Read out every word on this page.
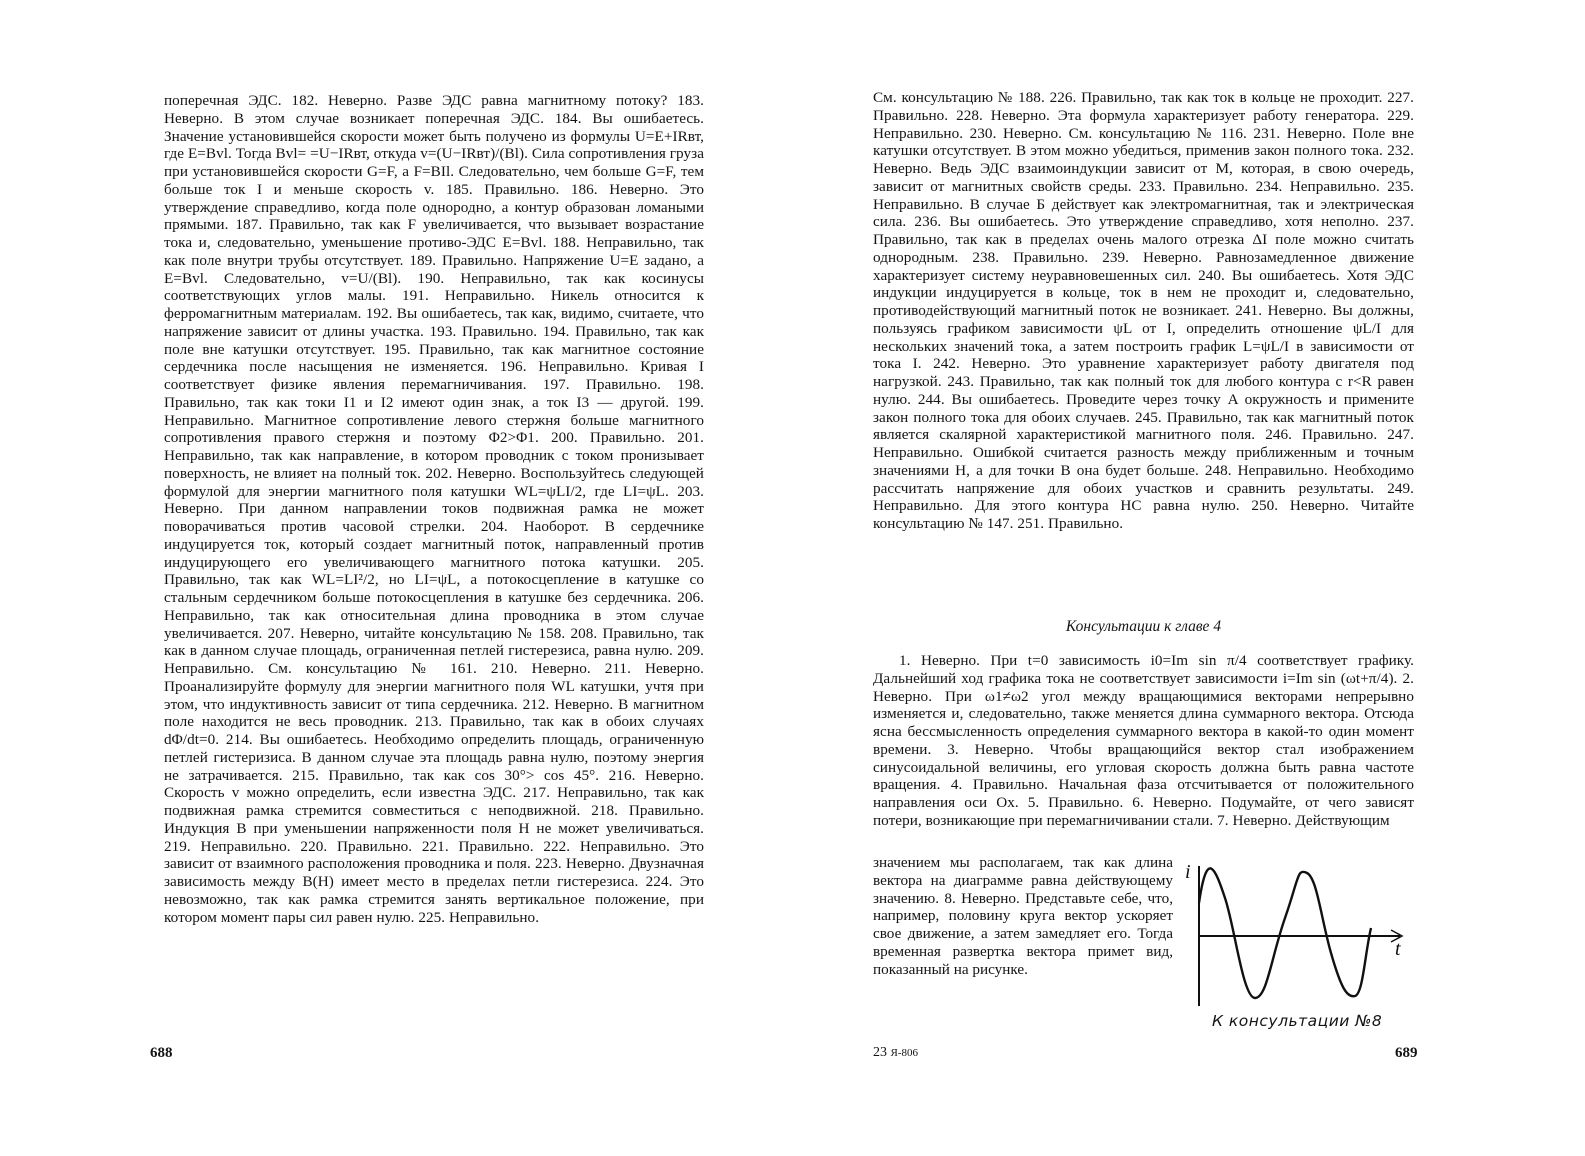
поперечная ЭДС. 182. Неверно. Разве ЭДС равна магнитному потоку? 183. Неверно. В этом случае возникает поперечная ЭДС. 184. Вы ошибаетесь. Значение установившейся скорости может быть получено из формулы U=E+IRвт, где E=Bvl. Тогда Bvl= =U−IRвт, откуда v=(U−IRвт)/(Bl). Сила сопротивления груза при установившейся скорости G=F, а F=BIl. Следовательно, чем больше G=F, тем больше ток I и меньше скорость v. 185. Правильно. 186. Неверно. Это утверждение справедливо, когда поле однородно, а контур образован ломаными прямыми. 187. Правильно, так как F увеличивается, что вызывает возрастание тока и, следовательно, уменьшение противо-ЭДС E=Bvl. 188. Неправильно, так как поле внутри трубы отсутствует. 189. Правильно. Напряжение U=E задано, а E=Bvl. Следовательно, v=U/(Bl). 190. Неправильно, так как косинусы соответствующих углов малы. 191. Неправильно. Никель относится к ферромагнитным материалам. 192. Вы ошибаетесь, так как, видимо, считаете, что напряжение зависит от длины участка. 193. Правильно. 194. Правильно, так как поле вне катушки отсутствует. 195. Правильно, так как магнитное состояние сердечника после насыщения не изменяется. 196. Неправильно. Кривая I соответствует физике явления перемагничивания. 197. Правильно. 198. Правильно, так как токи I1 и I2 имеют один знак, а ток I3 — другой. 199. Неправильно. Магнитное сопротивление левого стержня больше магнитного сопротивления правого стержня и поэтому Φ2>Φ1. 200. Правильно. 201. Неправильно, так как направление, в котором проводник с током пронизывает поверхность, не влияет на полный ток. 202. Неверно. Воспользуйтесь следующей формулой для энергии магнитного поля катушки WL=ψLI/2, где LI=ψL. 203. Неверно. При данном направлении токов подвижная рамка не может поворачиваться против часовой стрелки. 204. Наоборот. В сердечнике индуцируется ток, который создает магнитный поток, направленный против индуцирующего его увеличивающего магнитного потока катушки. 205. Правильно, так как WL=LI²/2, но LI=ψL, а потокосцепление в катушке со стальным сердечником больше потокосцепления в катушке без сердечника. 206. Неправильно, так как относительная длина проводника в этом случае увеличивается. 207. Неверно, читайте консультацию № 158. 208. Правильно, так как в данном случае площадь, ограниченная петлей гистерезиса, равна нулю. 209. Неправильно. См. консультацию № 161. 210. Неверно. 211. Неверно. Проанализируйте формулу для энергии магнитного поля WL катушки, учтя при этом, что индуктивность зависит от типа сердечника. 212. Неверно. В магнитном поле находится не весь проводник. 213. Правильно, так как в обоих случаях dΦ/dt=0. 214. Вы ошибаетесь. Необходимо определить площадь, ограниченную петлей гистеризиса. В данном случае эта площадь равна нулю, поэтому энергия не затрачивается. 215. Правильно, так как cos 30°> cos 45°. 216. Неверно. Скорость v можно определить, если известна ЭДС. 217. Неправильно, так как подвижная рамка стремится совместиться с неподвижной. 218. Правильно. Индукция B при уменьшении напряженности поля H не может увеличиваться. 219. Неправильно. 220. Правильно. 221. Правильно. 222. Неправильно. Это зависит от взаимного расположения проводника и поля. 223. Неверно. Двузначная зависимость между B(H) имеет место в пределах петли гистерезиса. 224. Это невозможно, так как рамка стремится занять вертикальное положение, при котором момент пары сил равен нулю. 225. Неправильно.

688

См. консультацию № 188. 226. Правильно, так как ток в кольце не проходит. 227. Правильно. 228. Неверно. Эта формула характеризует работу генератора. 229. Неправильно. 230. Неверно. См. консультацию № 116. 231. Неверно. Поле вне катушки отсутствует. В этом можно убедиться, применив закон полного тока. 232. Неверно. Ведь ЭДС взаимоиндукции зависит от M, которая, в свою очередь, зависит от магнитных свойств среды. 233. Правильно. 234. Неправильно. 235. Неправильно. В случае Б действует как электромагнитная, так и электрическая сила. 236. Вы ошибаетесь. Это утверждение справедливо, хотя неполно. 237. Правильно, так как в пределах очень малого отрезка ΔI поле можно считать однородным. 238. Правильно. 239. Неверно. Равнозамедленное движение характеризует систему неуравновешенных сил. 240. Вы ошибаетесь. Хотя ЭДС индукции индуцируется в кольце, ток в нем не проходит и, следовательно, противодействующий магнитный поток не возникает. 241. Неверно. Вы должны, пользуясь графиком зависимости ψL от I, определить отношение ψL/I для нескольких значений тока, а затем построить график L=ψL/I в зависимости от тока I. 242. Неверно. Это уравнение характеризует работу двигателя под нагрузкой. 243. Правильно, так как полный ток для любого контура с r<R равен нулю. 244. Вы ошибаетесь. Проведите через точку A окружность и примените закон полного тока для обоих случаев. 245. Правильно, так как магнитный поток является скалярной характеристикой магнитного поля. 246. Правильно. 247. Неправильно. Ошибкой считается разность между приближенным и точным значениями H, а для точки B она будет больше. 248. Неправильно. Необходимо рассчитать напряжение для обоих участков и сравнить результаты. 249. Неправильно. Для этого контура НС равна нулю. 250. Неверно. Читайте консультацию № 147. 251. Правильно.

Консультации к главе 4

1. Неверно. При t=0 зависимость i0=Im sin π/4 соответствует графику. Дальнейший ход графика тока не соответствует зависимости i=Im sin (ωt+π/4). 2. Неверно. При ω1≠ω2 угол между вращающимися векторами непрерывно изменяется и, следовательно, также меняется длина суммарного вектора. Отсюда ясна бессмысленность определения суммарного вектора в какой-то один момент времени. 3. Неверно. Чтобы вращающийся вектор стал изображением синусоидальной величины, его угловая скорость должна быть равна частоте вращения. 4. Правильно. Начальная фаза отсчитывается от положительного направления оси Ox. 5. Правильно. 6. Неверно. Подумайте, от чего зависят потери, возникающие при перемагничивании стали. 7. Неверно. Действующим

значением мы располагаем, так как длина вектора на диаграмме равна действующему значению. 8. Неверно. Представьте себе, что, например, половину круга вектор ускоряет свое движение, а затем замедляет его. Тогда временная развертка вектора примет вид, показанный на рисунке.

i
t
К консультации №8
23 Я-806	689
